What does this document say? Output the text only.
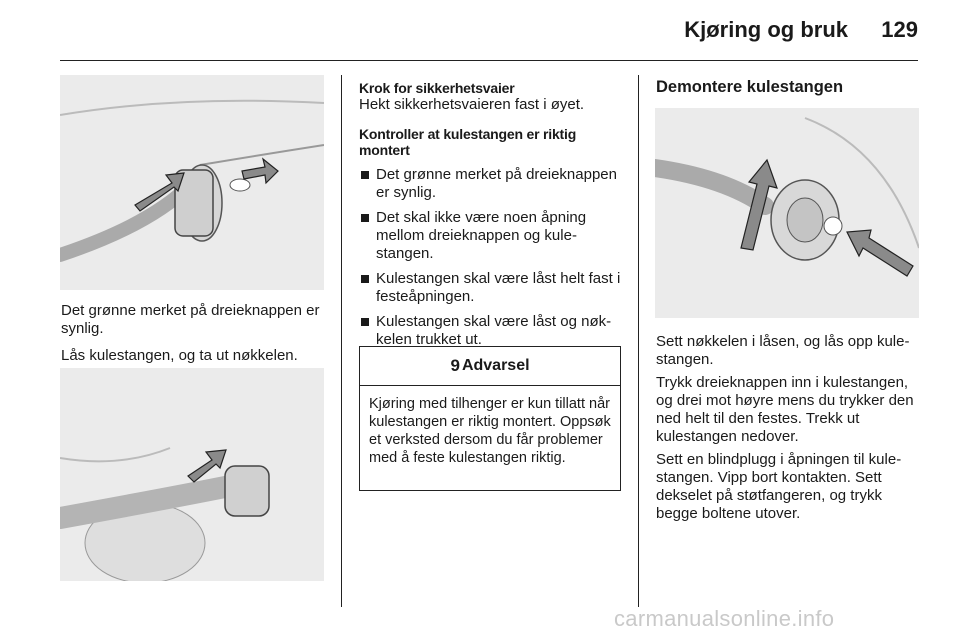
Kjøring og bruk 129

Det grønne merket på dreieknappen er synlig.

Lås kulestangen, og ta ut nøkkelen.

Krok for sikkerhetsvaier

Hekt sikkerhetsvaieren fast i øyet.

Kontroller at kulestangen er riktig montert

Det grønne merket på dreieknappen er synlig.
Det skal ikke være noen åpning mellom dreieknappen og kulestangen.
Kulestangen skal være låst helt fast i festeåpningen.
Kulestangen skal være låst og nøkkelen trukket ut.
9 Advarsel
Kjøring med tilhenger er kun tillatt når kulestangen er riktig montert. Oppsøk et verksted dersom du får problemer med å feste kulestangen riktig.

Demontere kulestangen

Sett nøkkelen i låsen, og lås opp kulestangen.

Trykk dreieknappen inn i kulestangen, og drei mot høyre mens du trykker den ned helt til den festes. Trekk ut kulestangen nedover.

Sett en blindplugg i åpningen til kulestangen. Vipp bort kontakten. Sett dekselet på støtfangeren, og trykk begge boltene utover.

carmanualsonline.info
